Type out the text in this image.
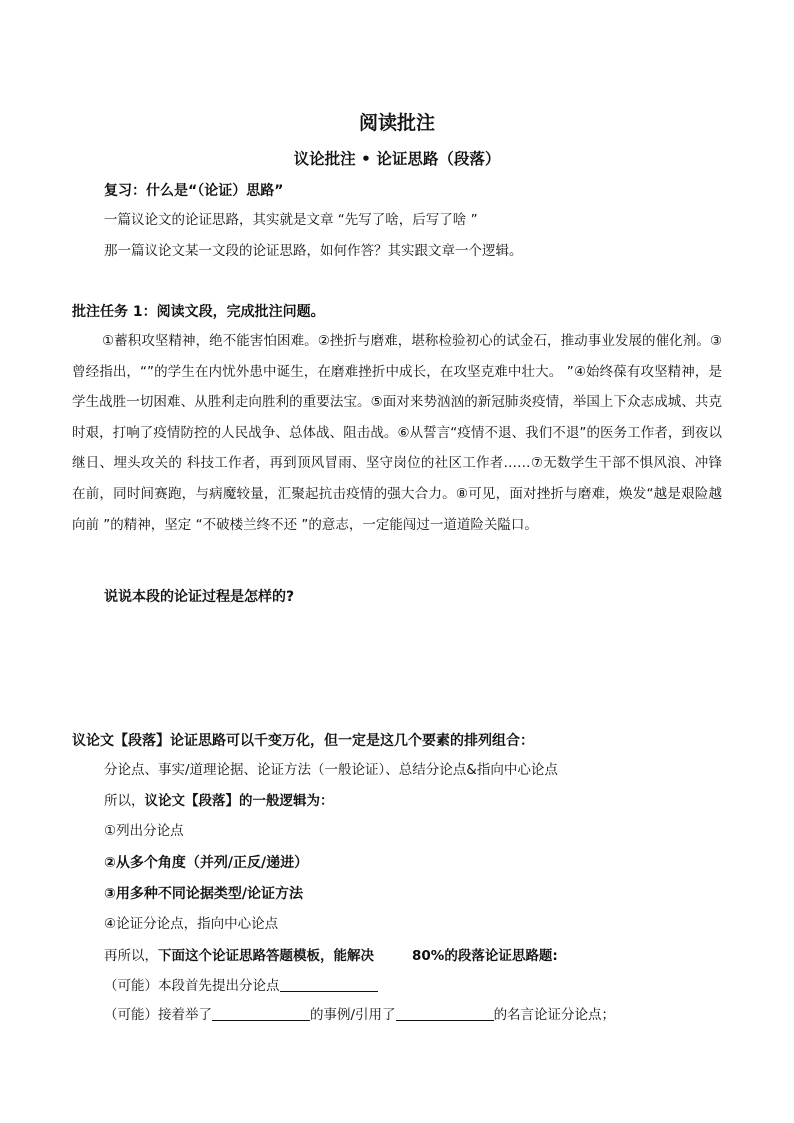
阅读批注
议论批注 • 论证思路（段落）
复习：什么是“（论证）思路”
一篇议论文的论证思路，其实就是文章 “先写了啥，后写了啥 ”
那一篇议论文某一文段的论证思路，如何作答？其实跟文章一个逻辑。
批注任务 1：阅读文段，完成批注问题。

①蓄积攻坚精神，绝不能害怕困难。②挫折与磨难，堪称检验初心的试金石，推动事业发展的催化剂。③曾经指出，“”的学生在内忧外患中诞生，在磨难挫折中成长，在攻坚克难中壮大。 ”④始终葆有攻坚精神，是学生战胜一切困难、从胜利走向胜利的重要法宝。⑤面对来势汹汹的新冠肺炎疫情，举国上下众志成城、共克时艰，打响了疫情防控的人民战争、总体战、阻击战。⑥从誓言“疫情不退、我们不退”的医务工作者，到夜以继日、埋头攻关的 科技工作者，再到顶风冒雨、坚守岗位的社区工作者……⑦无数学生干部不惧风浪、冲锋在前，同时间赛跑，与病魔较量，汇聚起抗击疫情的强大合力。⑧可见，面对挫折与磨难，焕发“越是艰险越向前 ”的精神，坚定 “不破楼兰终不还 ”的意志，一定能闯过一道道险关隘口。

说说本段的论证过程是怎样的?
议论文【段落】论证思路可以千变万化，但一定是这几个要素的排列组合：
分论点、事实/道理论据、论证方法（一般论证）、总结分论点&指向中心论点
所以，议论文【段落】的一般逻辑为：
①列出分论点
②从多个角度（并列/正反/递进）
③用多种不同论据类型/论证方法
④论证分论点，指向中心论点
再所以，下面这个论证思路答题模板，能解决	80%的段落论证思路题:
（可能）本段首先提出分论点
（可能）接着举了	的事例/引用了	的名言论证分论点；
